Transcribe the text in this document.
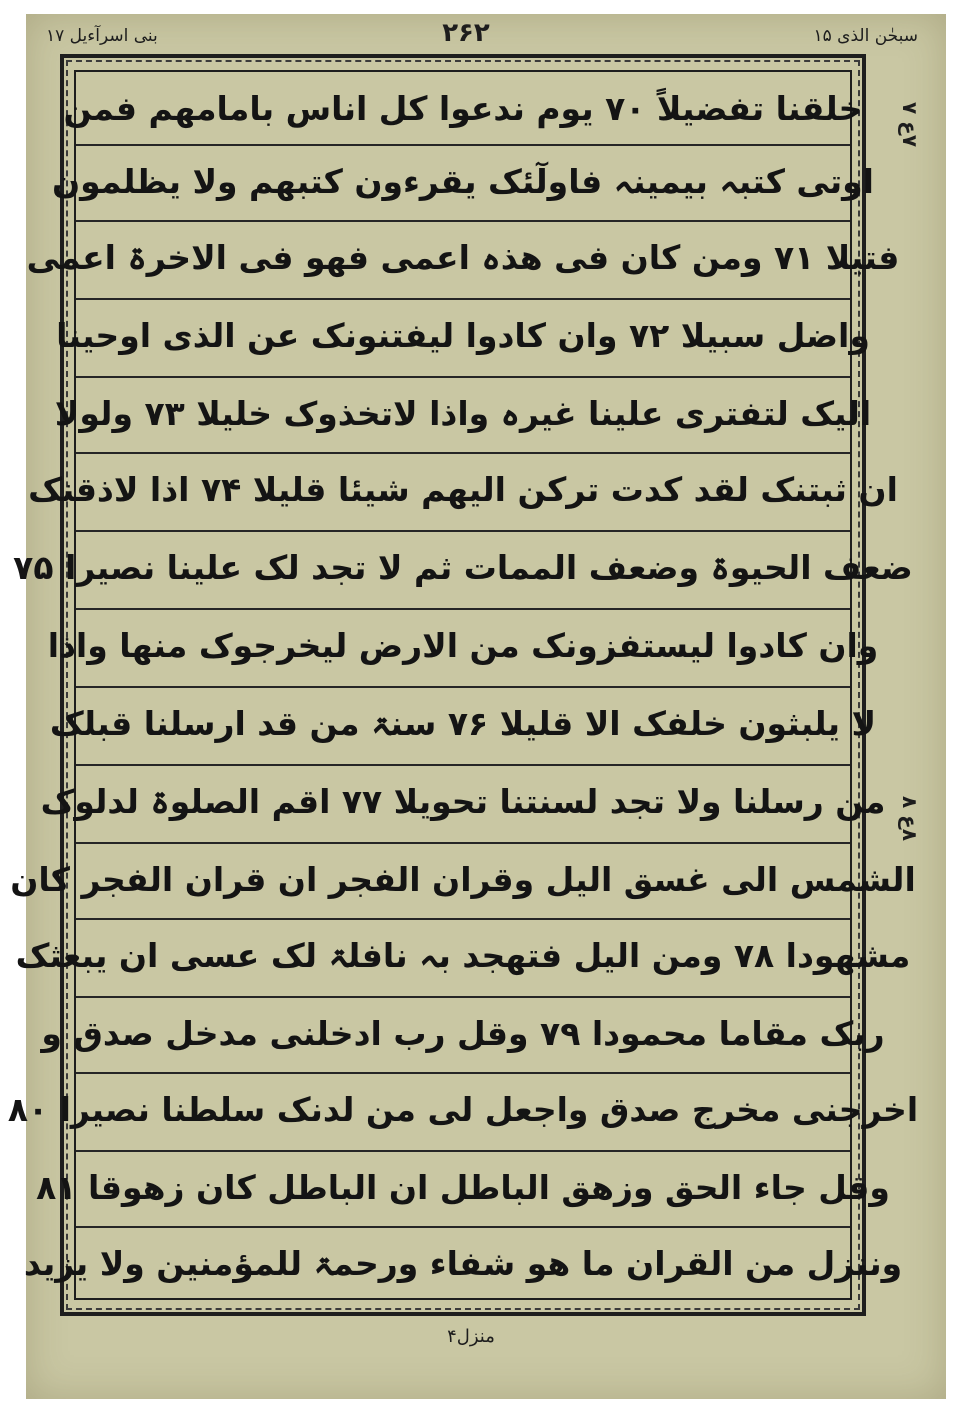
بنی اسرآءیل ۱۷	۲۶۲	سبحٰن الذی ۱۵
خلقنا تفضیلاً ۷۰ یوم ندعوا کل اناس بامامھم فمن
اوتی کتبہ بیمینہ فاولٓئک یقرءون کتبھم ولا یظلمون
فتیلا ۷۱ ومن کان فی ھذہ اعمی فھو فی الاخرۃ اعمی
واضل سبیلا ۷۲ وان کادوا لیفتنونک عن الذی اوحینا
الیک لتفتری علینا غیرہ واذا لاتخذوک خلیلا ۷۳ ولولا
ان ثبتنک لقد کدت ترکن الیھم شیئا قلیلا ۷۴ اذا لاذقنک
ضعف الحیوۃ وضعف الممات ثم لا تجد لک علینا نصیرا ۷۵
وان کادوا لیستفزونک من الارض لیخرجوک منھا واذا
لا یلبثون خلفک الا قلیلا ۷۶ سنۃ من قد ارسلنا قبلک
من رسلنا ولا تجد لسنتنا تحویلا ۷۷ اقم الصلوۃ لدلوک
الشمس الی غسق الیل وقران الفجر ان قران الفجر کان
مشھودا ۷۸ ومن الیل فتھجد بہ نافلۃ لک عسی ان یبعثک
ربک مقاما محمودا ۷۹ وقل رب ادخلنی مدخل صدق و
اخرجنی مخرج صدق واجعل لی من لدنک سلطنا نصیرا ۸۰
وقل جاء الحق وزھق الباطل ان الباطل کان زھوقا ۸۱
وننزل من القران ما ھو شفاء ورحمۃ للمؤمنین ولا یزید
۷ع ۷
۸ع ۸
منزل۴
